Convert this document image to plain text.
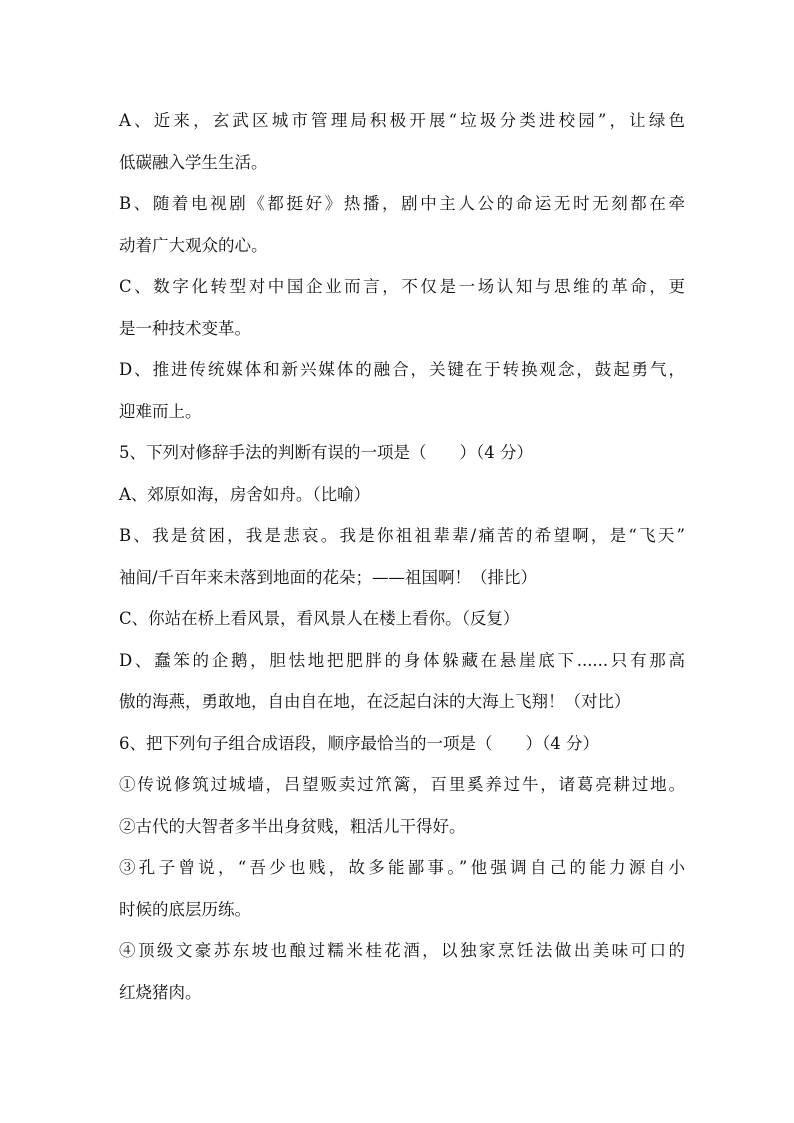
A、近来，玄武区城市管理局积极开展“垃圾分类进校园”，让绿色
低碳融入学生生活。
B、随着电视剧《都挺好》热播，剧中主人公的命运无时无刻都在牵
动着广大观众的心。
C、数字化转型对中国企业而言，不仅是一场认知与思维的革命，更
是一种技术变革。
D、推进传统媒体和新兴媒体的融合，关键在于转换观念，鼓起勇气，
迎难而上。
5、下列对修辞手法的判断有误的一项是（　　）（4 分）
A、郊原如海，房舍如舟。（比喻）
B、我是贫困，我是悲哀。我是你祖祖辈辈/痛苦的希望啊，是“飞天”
袖间/千百年来未落到地面的花朵；——祖国啊！（排比）
C、你站在桥上看风景，看风景人在楼上看你。（反复）
D、蠢笨的企鹅，胆怯地把肥胖的身体躲藏在悬崖底下......只有那高
傲的海燕，勇敢地，自由自在地，在泛起白沫的大海上飞翔！（对比）
6、把下列句子组合成语段，顺序最恰当的一项是（　　）（4 分）
①传说修筑过城墙，吕望贩卖过笊篱，百里奚养过牛，诸葛亮耕过地。
②古代的大智者多半出身贫贱，粗活儿干得好。
③孔子曾说，“吾少也贱，故多能鄙事。”他强调自己的能力源自小
时候的底层历练。
④顶级文豪苏东坡也酿过糯米桂花酒，以独家烹饪法做出美味可口的
红烧猪肉。
